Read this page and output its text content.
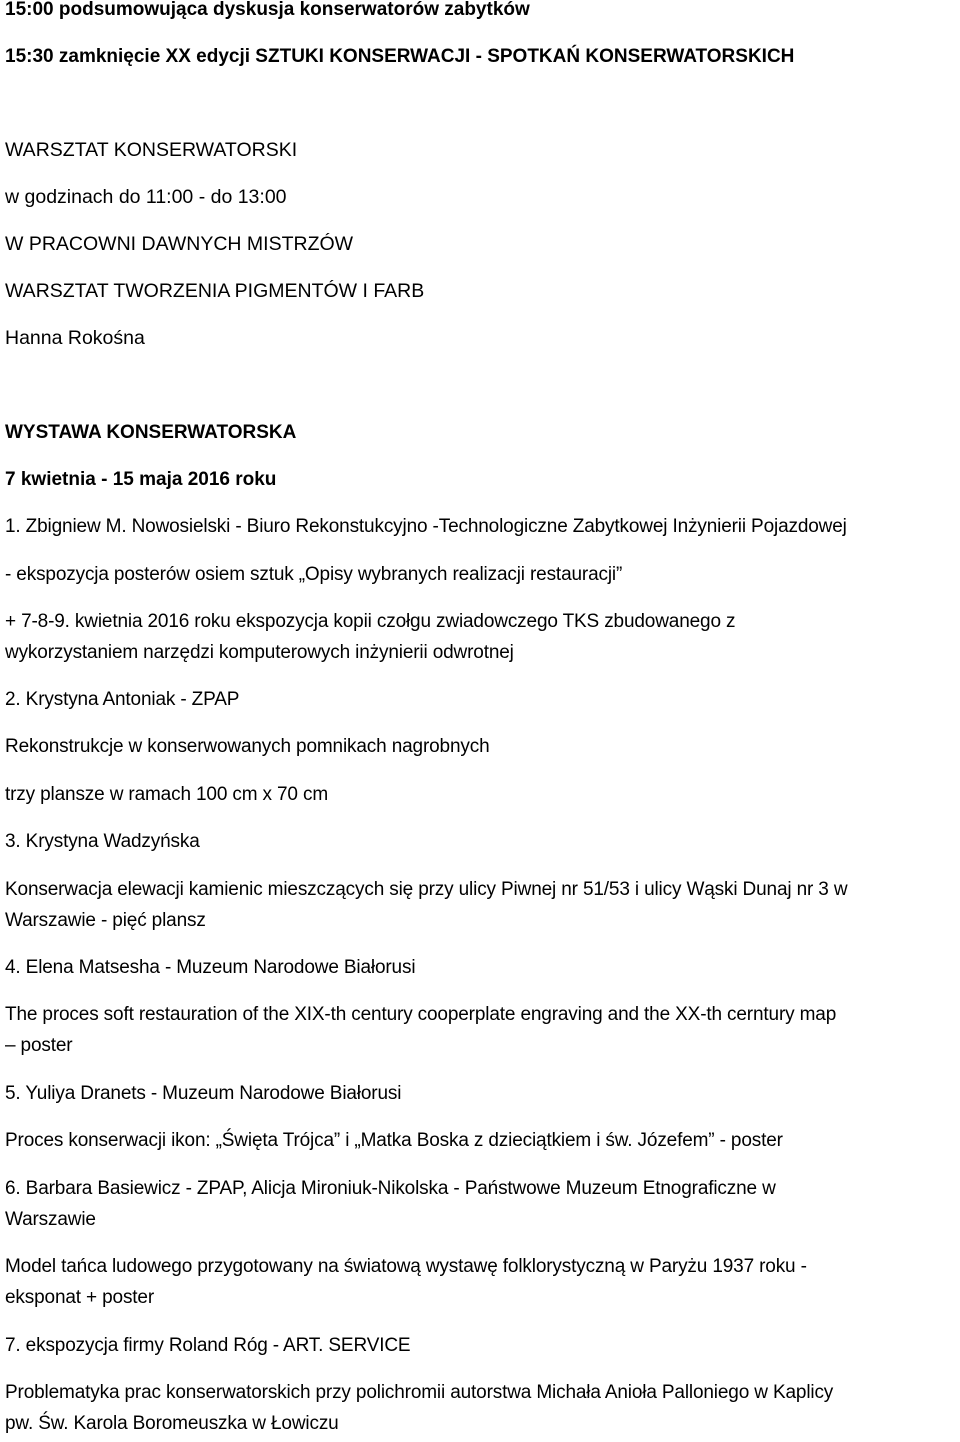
15:00 podsumowująca dyskusja konserwatorów zabytków
15:30 zamknięcie XX edycji SZTUKI KONSERWACJI - SPOTKAŃ KONSERWATORSKICH
WARSZTAT KONSERWATORSKI
w godzinach do 11:00 - do 13:00
W PRACOWNI DAWNYCH MISTRZÓW
WARSZTAT TWORZENIA PIGMENTÓW I FARB
Hanna Rokośna
WYSTAWA KONSERWATORSKA
7 kwietnia - 15 maja 2016 roku
1. Zbigniew M. Nowosielski - Biuro Rekonstukcyjno -Technologiczne Zabytkowej Inżynierii Pojazdowej
- ekspozycja posterów osiem sztuk „Opisy wybranych realizacji restauracji”
+ 7-8-9. kwietnia 2016 roku ekspozycja kopii czołgu zwiadowczego TKS zbudowanego z
wykorzystaniem narzędzi komputerowych inżynierii odwrotnej
2. Krystyna Antoniak - ZPAP
Rekonstrukcje w konserwowanych pomnikach nagrobnych
trzy plansze w ramach 100 cm x 70 cm
3. Krystyna Wadzyńska
Konserwacja elewacji kamienic mieszczących się przy ulicy Piwnej nr 51/53 i ulicy Wąski Dunaj nr 3 w
Warszawie - pięć plansz
4. Elena Matsesha - Muzeum Narodowe Białorusi
The proces soft restauration of the XIX-th century cooperplate engraving and the XX-th cerntury map
– poster
5. Yuliya Dranets - Muzeum Narodowe Białorusi
Proces konserwacji ikon: „Święta Trójca” i „Matka Boska z dzieciątkiem i św. Józefem” - poster
6. Barbara Basiewicz - ZPAP, Alicja Mironiuk-Nikolska - Państwowe Muzeum Etnograficzne w
Warszawie
Model tańca ludowego przygotowany na światową wystawę folklorystyczną w Paryżu 1937 roku -
eksponat + poster
7. ekspozycja firmy Roland Róg - ART. SERVICE
Problematyka prac konserwatorskich przy polichromii autorstwa Michała Anioła Palloniego w Kaplicy
pw. Św. Karola Boromeuszka w Łowiczu
